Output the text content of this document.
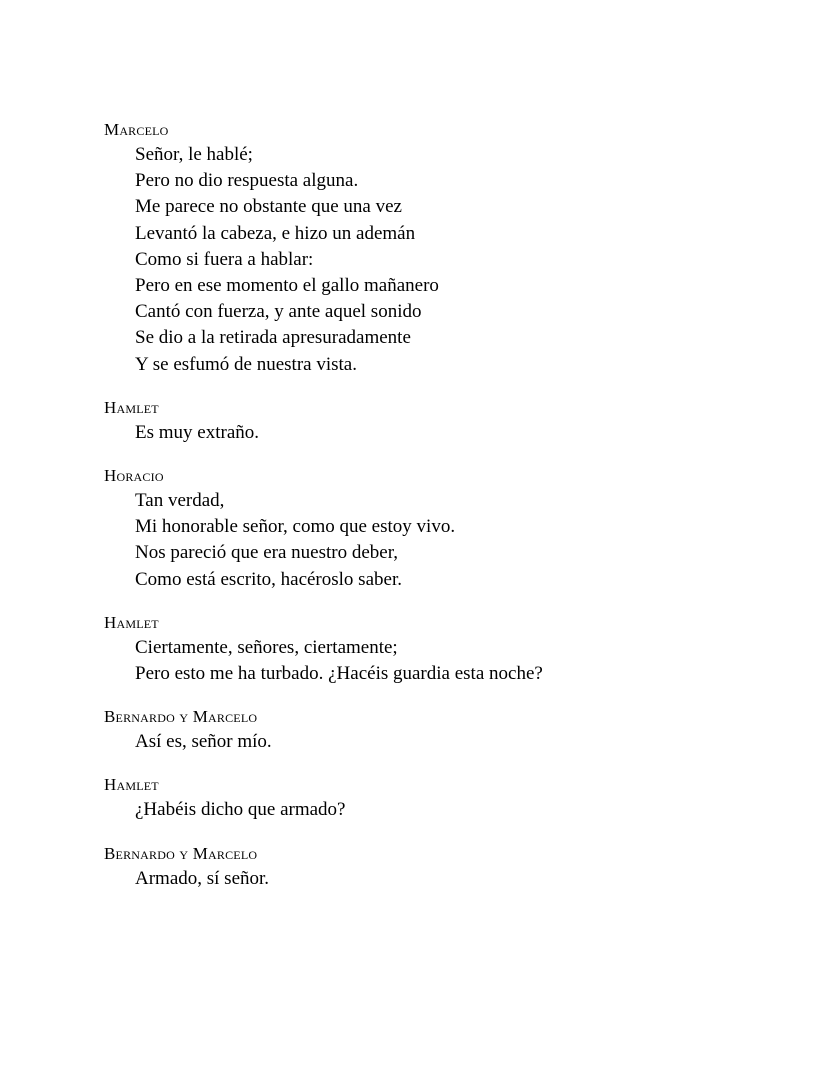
Marcelo
Señor, le hablé;
Pero no dio respuesta alguna.
Me parece no obstante que una vez
Levantó la cabeza, e hizo un ademán
Como si fuera a hablar:
Pero en ese momento el gallo mañanero
Cantó con fuerza, y ante aquel sonido
Se dio a la retirada apresuradamente
Y se esfumó de nuestra vista.
Hamlet
Es muy extraño.
Horacio
Tan verdad,
Mi honorable señor, como que estoy vivo.
Nos pareció que era nuestro deber,
Como está escrito, hacéroslo saber.
Hamlet
Ciertamente, señores, ciertamente;
Pero esto me ha turbado. ¿Hacéis guardia esta noche?
Bernardo y Marcelo
Así es, señor mío.
Hamlet
¿Habéis dicho que armado?
Bernardo y Marcelo
Armado, sí señor.
